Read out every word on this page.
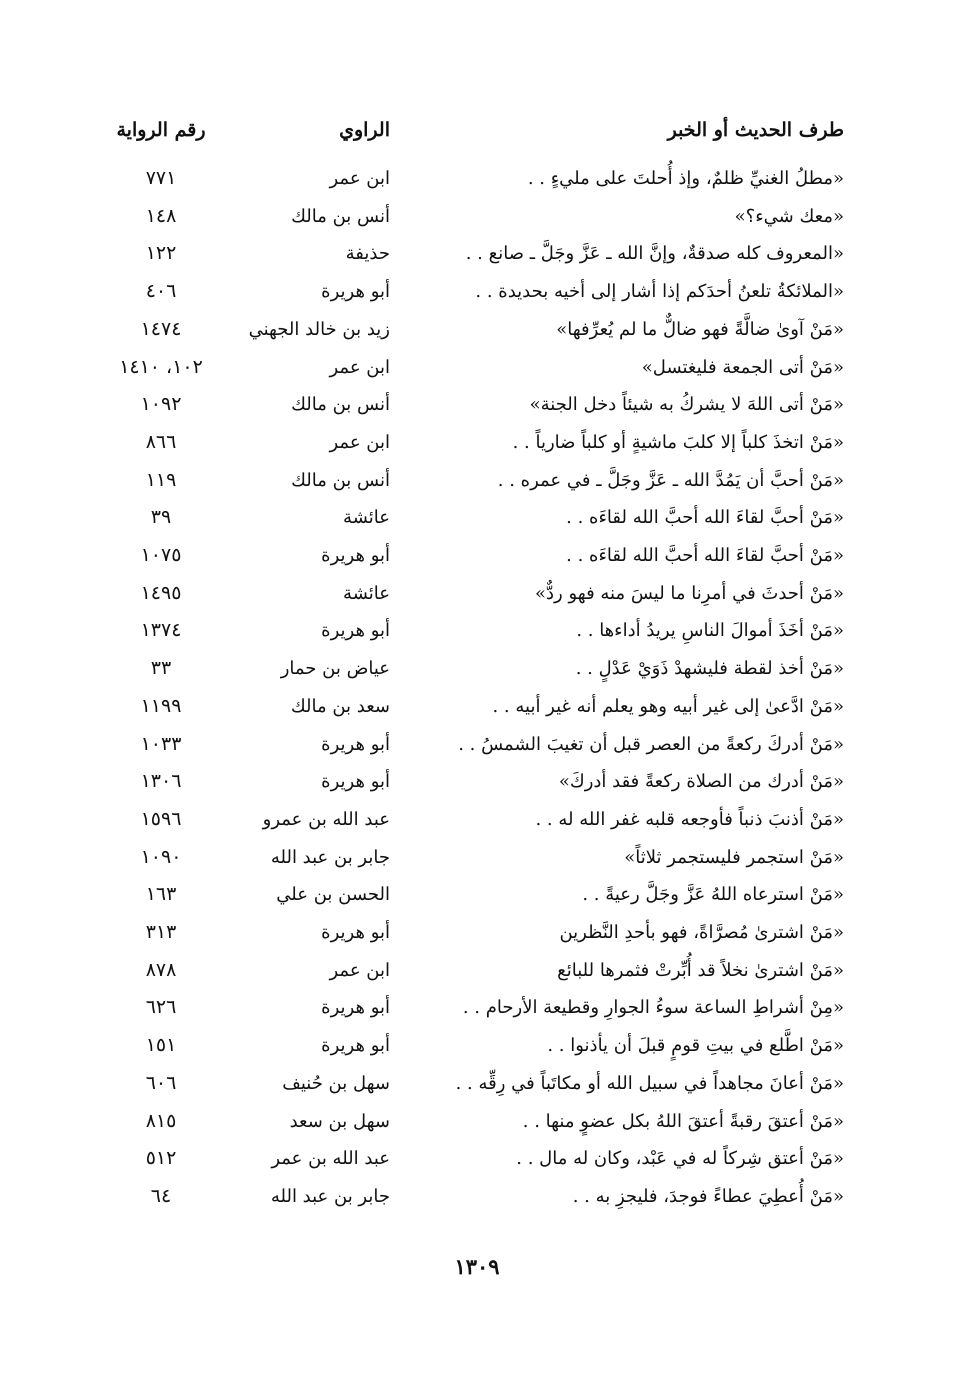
طرف الحديث أو الخبر
الراوي
رقم الرواية
«مطلُ الغنيِّ ظلمٌ، وإذ أُحلتَ على مليءٍ . .
ابن عمر
٧٧١
«معك شيء؟»
أنس بن مالك
١٤٨
«المعروف كله صدقةٌ، وإنَّ الله ـ عَزَّ وجَلَّ ـ صانع . .
حذيفة
١٢٢
«الملائكةُ تلعنُ أحدَكم إذا أشار إلى أخيه بحديدة . .
أبو هريرة
٤٠٦
«مَنْ آوىٰ ضالَّةً فهو ضالٌّ ما لم يُعرِّفها»
زيد بن خالد الجهني
١٤٧٤
«مَنْ أتى الجمعة فليغتسل»
ابن عمر
١٠٢، ١٤١٠
«مَنْ أتى اللهَ لا يشركُ به شيئاً دخل الجنة»
أنس بن مالك
١٠٩٢
«مَنْ اتخذَ كلباً إلا كلبَ ماشيةٍ أو كلباً ضارياً . .
ابن عمر
٨٦٦
«مَنْ أحبَّ أن يَمُدَّ الله ـ عَزَّ وجَلَّ ـ في عمره . .
أنس بن مالك
١١٩
«مَنْ أحبَّ لقاءَ الله أحبَّ الله لقاءَه . .
عائشة
٣٩
«مَنْ أحبَّ لقاءَ الله أحبَّ الله لقاءَه . .
أبو هريرة
١٠٧٥
«مَنْ أحدثَ في أمرِنا ما ليسَ منه فهو ردٌّ»
عائشة
١٤٩٥
«مَنْ أخَذَ أموالَ الناسِ يريدُ أداءها . .
أبو هريرة
١٣٧٤
«مَنْ أخذ لقطة فليشهدْ ذَوَيْ عَدْلٍ . .
عياض بن حمار
٣٣
«مَنْ ادَّعىٰ إلى غير أبيه وهو يعلم أنه غير أبيه . .
سعد بن مالك
١١٩٩
«مَنْ أدركَ ركعةً من العصر قبل أن تغيبَ الشمسُ . .
أبو هريرة
١٠٣٣
«مَنْ أدرك من الصلاة ركعةً فقد أدركَ»
أبو هريرة
١٣٠٦
«مَنْ أذنبَ ذنباً فأوجعه قلبه غفر الله له . .
عبد الله بن عمرو
١٥٩٦
«مَنْ استجمر فليستجمر ثلاثاً»
جابر بن عبد الله
١٠٩٠
«مَنْ استرعاه اللهُ عَزَّ وجَلَّ رعيةً . .
الحسن بن علي
١٦٣
«مَنْ اشترىٰ مُصرَّاةً، فهو بأحدِ النَّظرين
أبو هريرة
٣١٣
«مَنْ اشترىٰ نخلاً قد أُبِّرتْ فثمرها للبائع
ابن عمر
٨٧٨
«مِنْ أشراطِ الساعة سوءُ الجوارِ وقطيعة الأرحام . .
أبو هريرة
٦٢٦
«مَنْ اطَّلع في بيتِ قومٍ قبلَ أن يأذنوا . .
أبو هريرة
١٥١
«مَنْ أعانَ مجاهداً في سبيل الله أو مكاتَباً في رِقِّه . .
سهل بن حُنيف
٦٠٦
«مَنْ أعتقَ رقبةً أعتقَ اللهُ بكل عضوٍ منها . .
سهل بن سعد
٨١٥
«مَنْ أعتق شِركاً له في عَبْد، وكان له مال . .
عبد الله بن عمر
٥١٢
«مَنْ أُعطِيَ عطاءً فوجدَ، فليجزِ به . .
جابر بن عبد الله
٦٤
١٣٠٩
